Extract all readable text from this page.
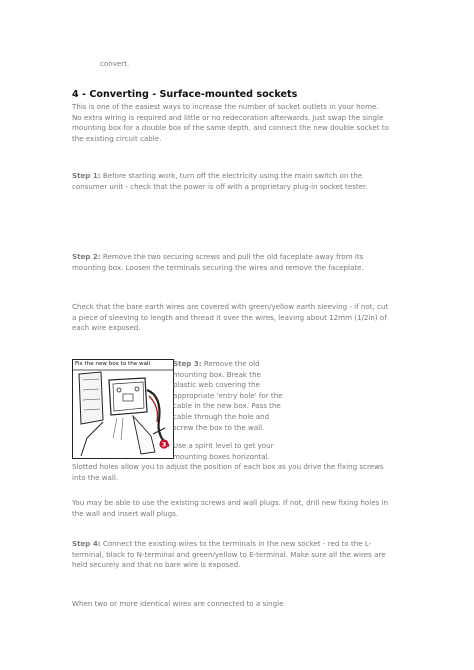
convert.

4 - Converting - Surface-mounted sockets

This is one of the easiest ways to increase the number of socket outlets in your home. No extra wiring is required and little or no redecoration afterwards. Just swap the single mounting box for a double box of the same depth, and connect the new double socket to the existing circuit cable.

Step 1: Before starting work, turn off the electricity using the main switch on the consumer unit - check that the power is off with a proprietary plug-in socket tester.

Step 2: Remove the two securing screws and pull the old faceplate away from its mounting box. Loosen the terminals securing the wires and remove the faceplate.

Check that the bare earth wires are covered with green/yellow earth sleeving - if not, cut a piece of sleeving to length and thread it over the wires, leaving about 12mm (1/2in) of each wire exposed.

Fix the new box to the wall
3

Step 3: Remove the old mounting box. Break the plastic web covering the appropriate 'entry hole' for the cable in the new box. Pass the cable through the hole and screw the box to the wall.

Use a spirit level to get your mounting boxes horizontal.

Slotted holes allow you to adjust the position of each box as you drive the fixing screws into the wall.

You may be able to use the existing screws and wall plugs. If not, drill new fixing holes in the wall and insert wall plugs.

Step 4: Connect the existing wires to the terminals in the new socket - red to the L-terminal, black to N-terminal and green/yellow to E-terminal. Make sure all the wires are held securely and that no bare wire is exposed.

When two or more identical wires are connected to a single
